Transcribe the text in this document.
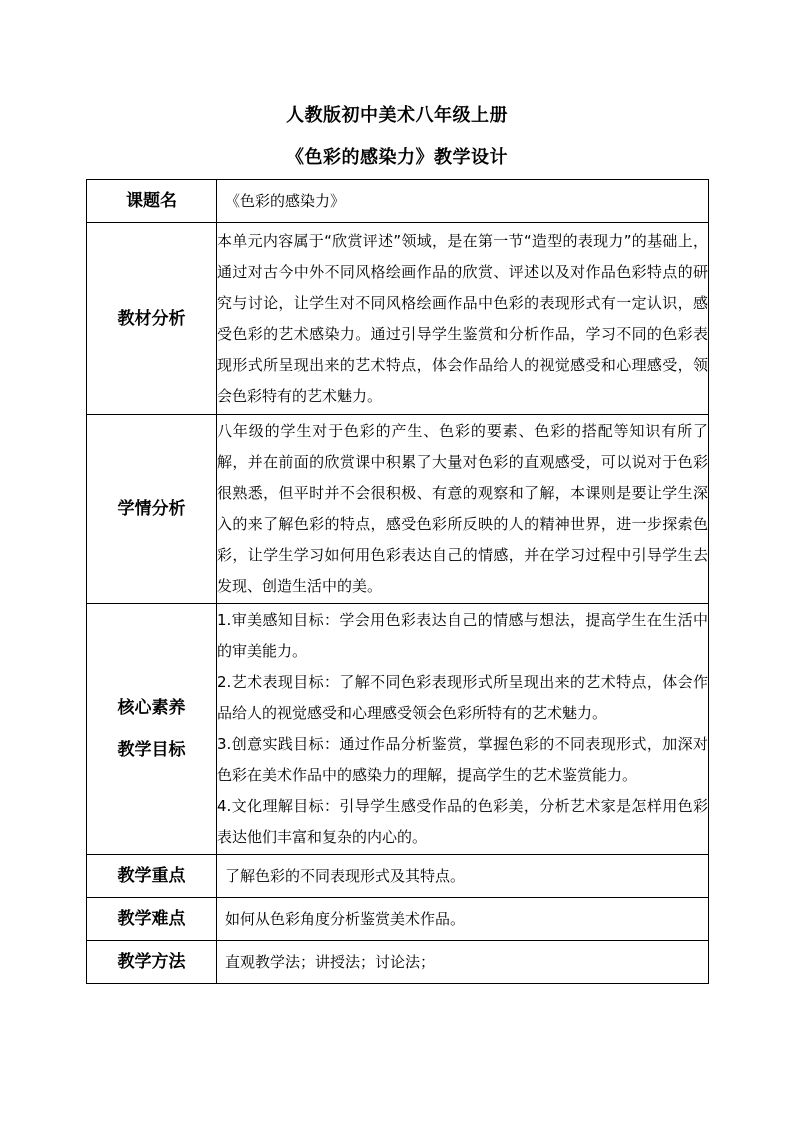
人教版初中美术八年级上册
《色彩的感染力》教学设计
课题名	《色彩的感染力》
教材分析	本单元内容属于“欣赏评述”领域，是在第一节“造型的表现力”的基础上，通过对古今中外不同风格绘画作品的欣赏、评述以及对作品色彩特点的研究与讨论，让学生对不同风格绘画作品中色彩的表现形式有一定认识，感受色彩的艺术感染力。通过引导学生鉴赏和分析作品，学习不同的色彩表现形式所呈现出来的艺术特点，体会作品给人的视觉感受和心理感受，领会色彩特有的艺术魅力。
学情分析	八年级的学生对于色彩的产生、色彩的要素、色彩的搭配等知识有所了解，并在前面的欣赏课中积累了大量对色彩的直观感受，可以说对于色彩很熟悉，但平时并不会很积极、有意的观察和了解，本课则是要让学生深入的来了解色彩的特点，感受色彩所反映的人的精神世界，进一步探索色彩，让学生学习如何用色彩表达自己的情感，并在学习过程中引导学生去发现、创造生活中的美。

核心素养
教学目标	1.审美感知目标：学会用色彩表达自己的情感与想法，提高学生在生活中的审美能力。
2.艺术表现目标：了解不同色彩表现形式所呈现出来的艺术特点，体会作品给人的视觉感受和心理感受领会色彩所特有的艺术魅力。
3.创意实践目标：通过作品分析鉴赏，掌握色彩的不同表现形式，加深对色彩在美术作品中的感染力的理解，提高学生的艺术鉴赏能力。
4.文化理解目标：引导学生感受作品的色彩美，分析艺术家是怎样用色彩表达他们丰富和复杂的内心的。

教学重点	了解色彩的不同表现形式及其特点。
教学难点	如何从色彩角度分析鉴赏美术作品。
教学方法	直观教学法；讲授法；讨论法；
